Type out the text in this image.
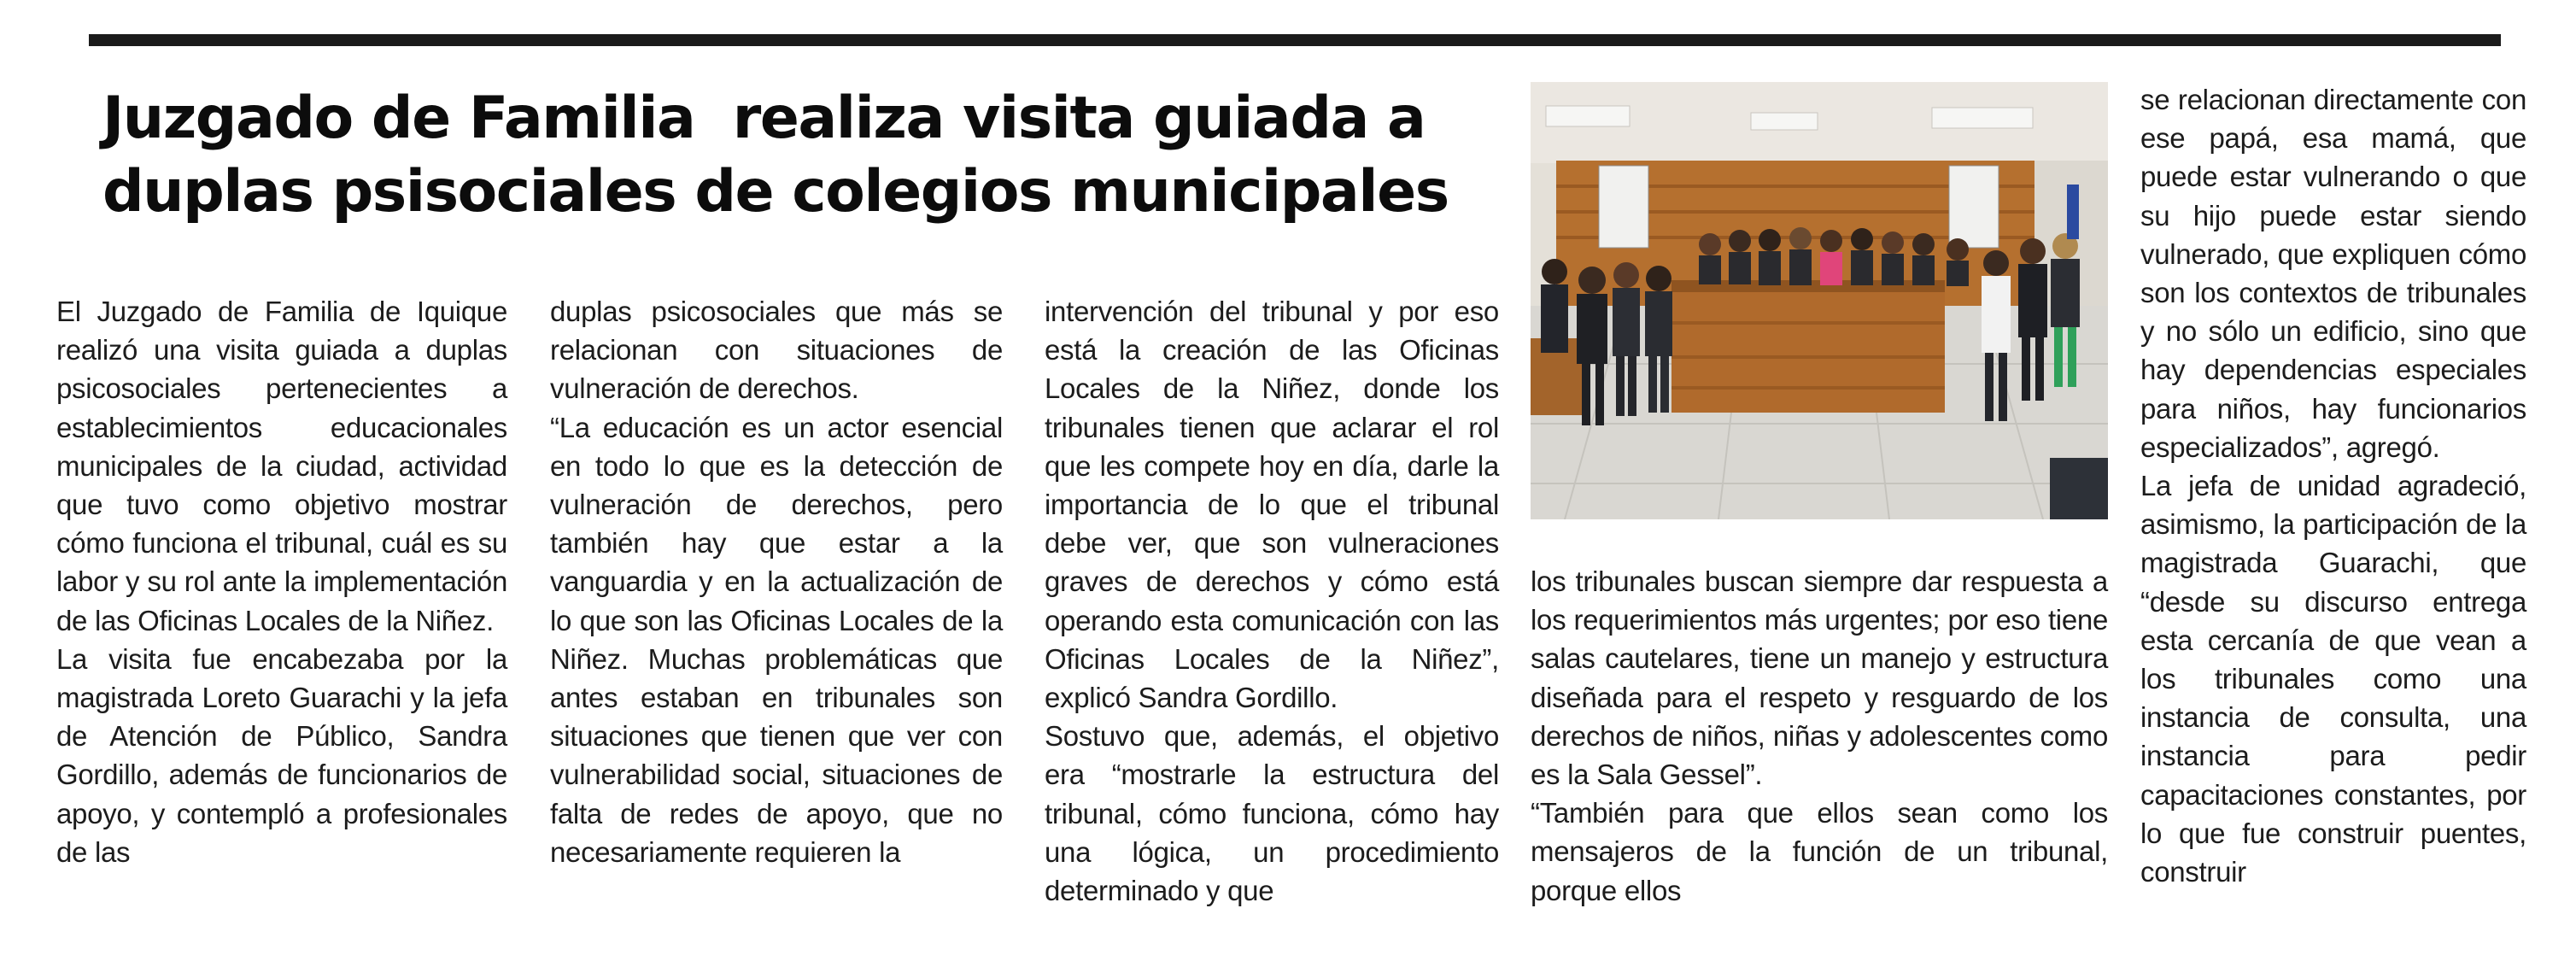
Juzgado de Familia  realiza visita guiada a
duplas psisociales de colegios municipales

El Juzgado de Familia de Iquique realizó una visita guiada a duplas psicosociales pertenecientes a establecimientos educacionales municipales de la ciudad, actividad que tuvo como objetivo mostrar cómo funciona el tribunal, cuál es su labor y su rol ante la implementación de las Oficinas Locales de la Niñez.

La visita fue encabezaba por la magistrada Loreto Guarachi y la jefa de Atención de Público, Sandra Gordillo, además de funcionarios de apoyo, y contempló a profesionales de las

duplas psicosociales que más se relacionan con situaciones de vulneración de derechos.

“La educación es un actor esencial en todo lo que es la detección de vulneración de derechos, pero también hay que estar a la vanguardia y en la actualización de lo que son las Oficinas Locales de la Niñez. Muchas problemáticas que antes estaban en tribunales son situaciones que tienen que ver con vulnerabilidad social, situaciones de falta de redes de apoyo, que no necesariamente requieren la

intervención del tribunal y por eso está la creación de las Oficinas Locales de la Niñez, donde los tribunales tienen que aclarar el rol que les compete hoy en día, darle la importancia de lo que el tribunal debe ver, que son vulneraciones graves de derechos y cómo está operando esta comunicación con las Oficinas Locales de la Niñez”, explicó Sandra Gordillo.

Sostuvo que, además, el objetivo era “mostrarle la estructura del tribunal, cómo funciona, cómo hay una lógica, un procedimiento determinado y que

los tribunales buscan siempre dar respuesta a los requerimientos más urgentes; por eso tiene salas cautelares, tiene un manejo y estructura diseñada para el respeto y resguardo de los derechos de niños, niñas y adolescentes como es la Sala Gessel”.

“También para que ellos sean como los mensajeros de la función de un tribunal, porque ellos

se relacionan directamente con ese papá, esa mamá, que puede estar vulnerando o que su hijo puede estar siendo vulnerado, que expliquen cómo son los contextos de tribunales y no sólo un edificio, sino que hay dependencias especiales para niños, hay funcionarios especializados”, agregó.

La jefa de unidad agradeció, asimismo, la participación de la magistrada Guarachi, que “desde su discurso entrega esta cercanía de que vean a los tribunales como una instancia de consulta, una instancia para pedir capacitaciones constantes, por lo que fue construir puentes, construir
